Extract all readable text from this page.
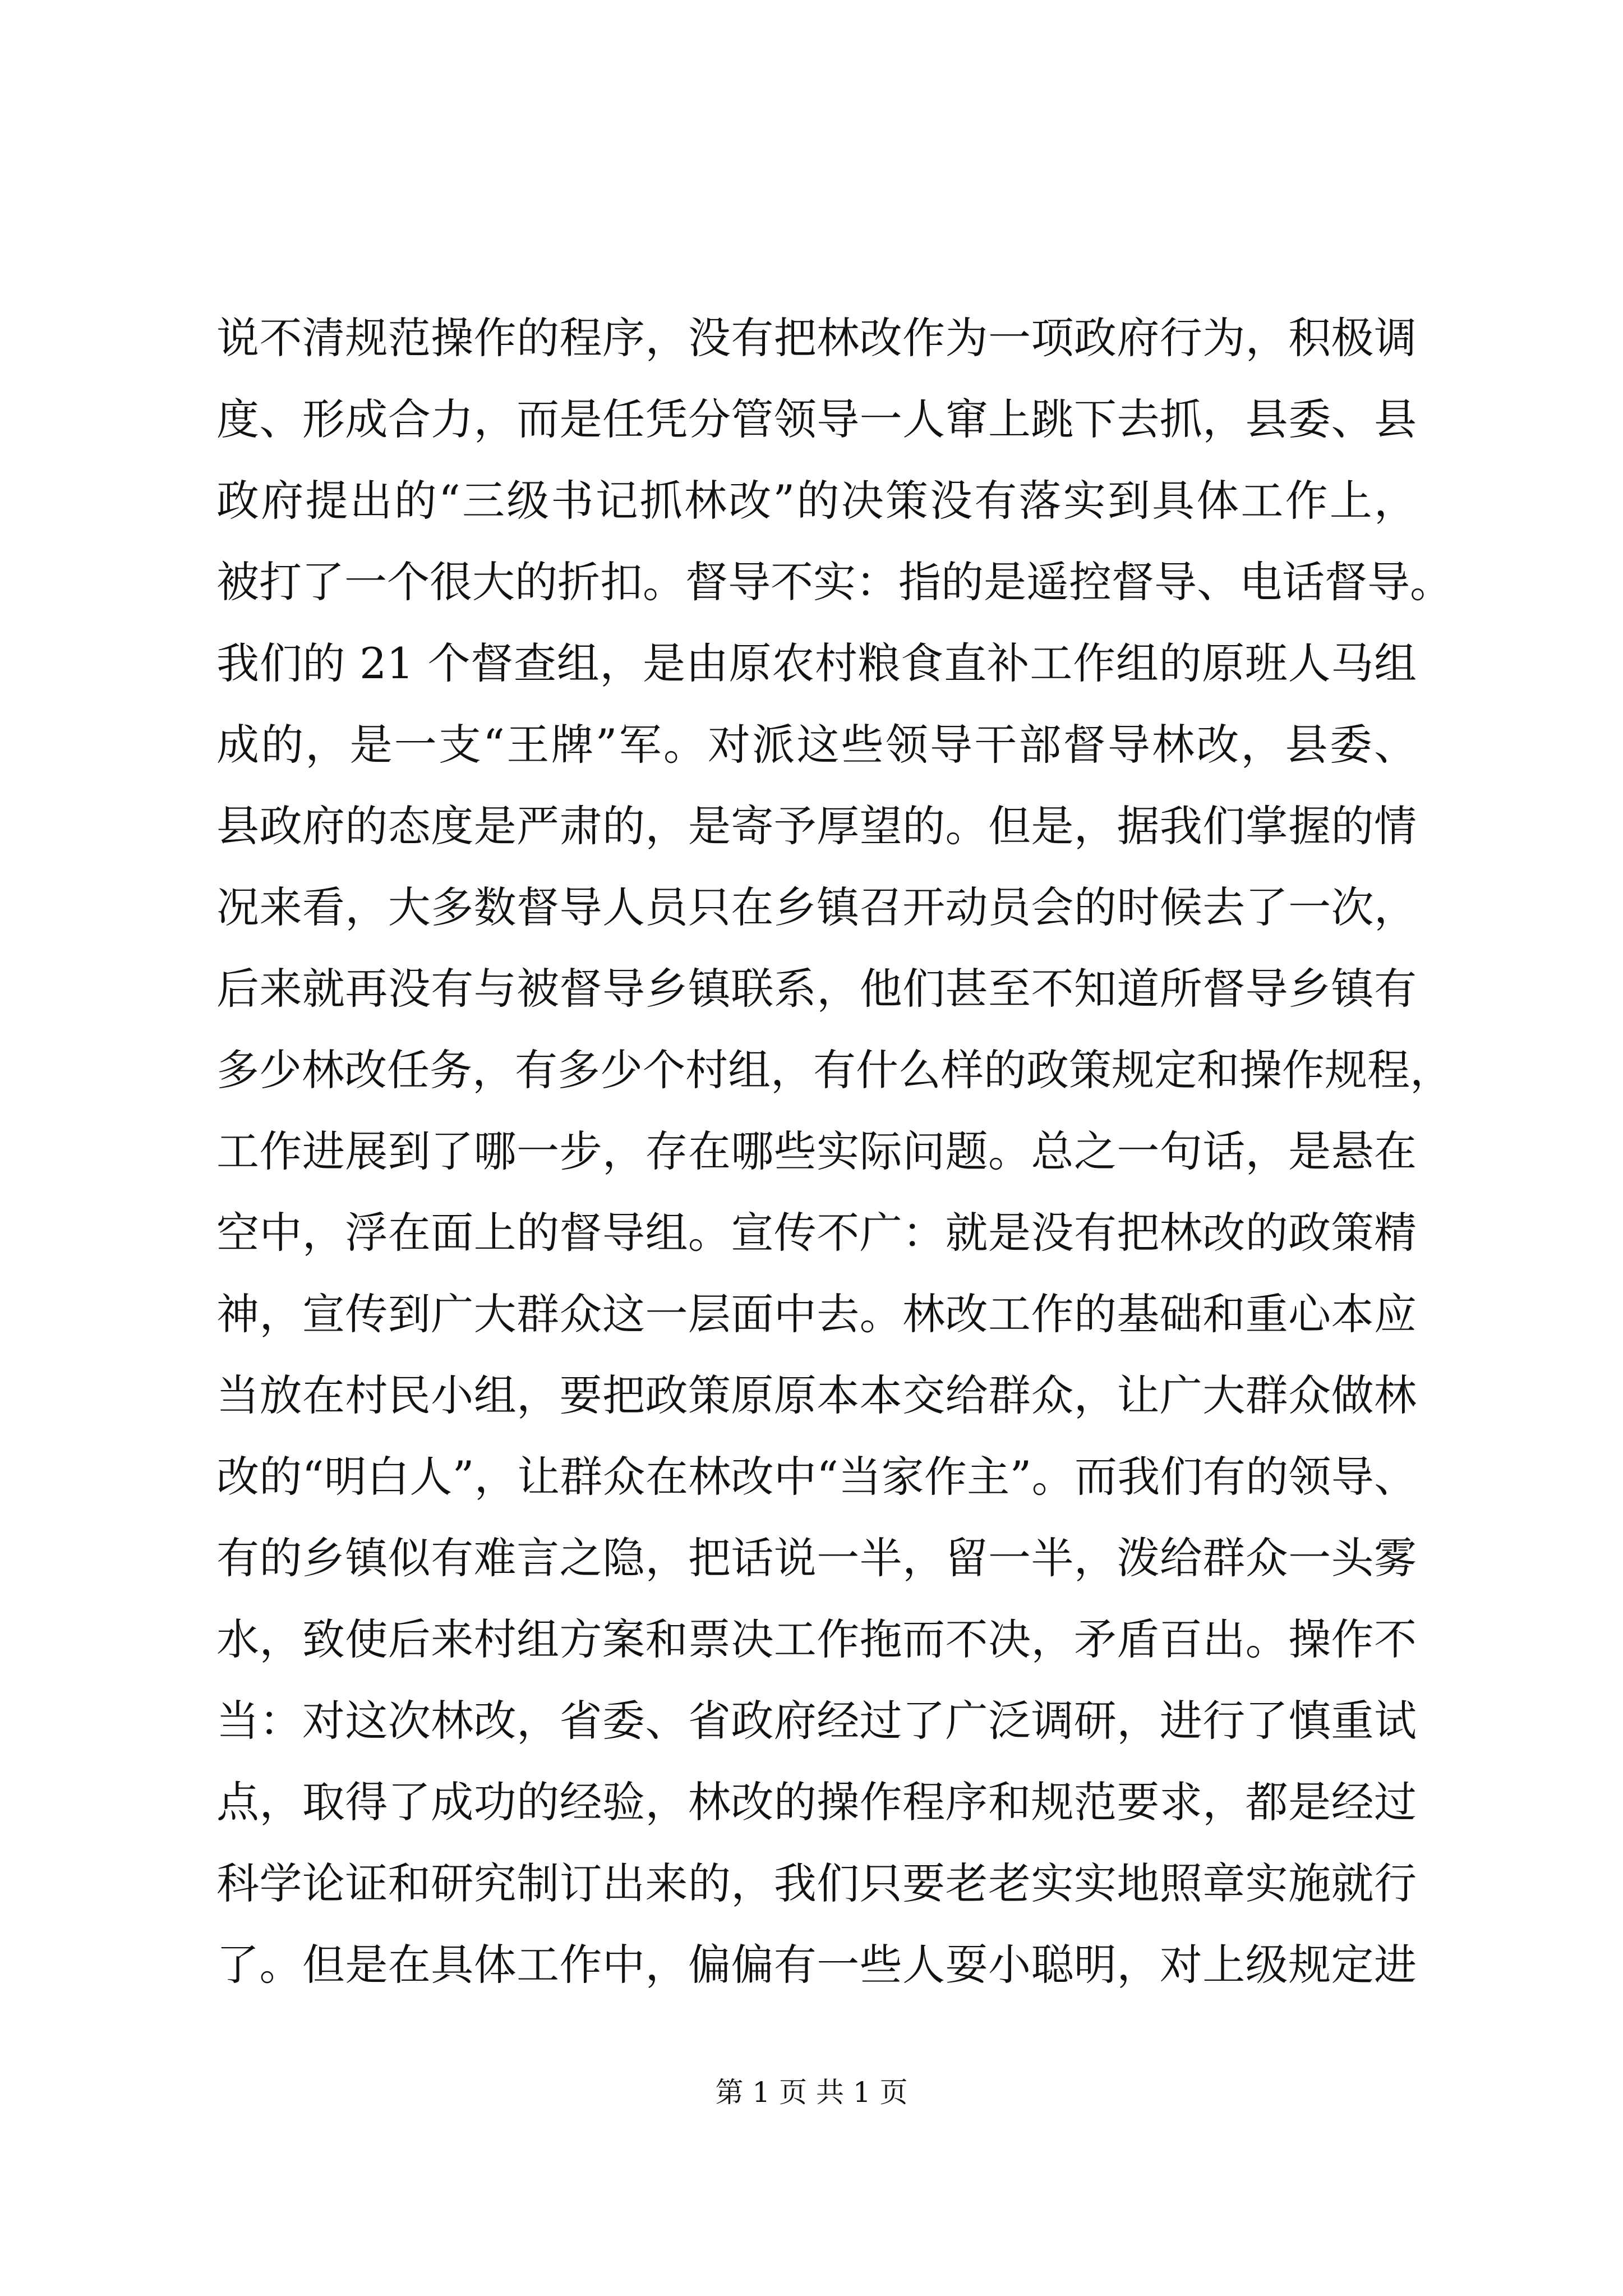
说不清规范操作的程序，没有把林改作为一项政府行为，积极调
度、形成合力，而是任凭分管领导一人窜上跳下去抓，县委、县
政府提出的“三级书记抓林改”的决策没有落实到具体工作上，
被打了一个很大的折扣。督导不实：指的是遥控督导、电话督导。
我们的 21 个督查组，是由原农村粮食直补工作组的原班人马组
成的，是一支“王牌”军。对派这些领导干部督导林改，县委、
县政府的态度是严肃的，是寄予厚望的。但是，据我们掌握的情
况来看，大多数督导人员只在乡镇召开动员会的时候去了一次，
后来就再没有与被督导乡镇联系，他们甚至不知道所督导乡镇有
多少林改任务，有多少个村组，有什么样的政策规定和操作规程，
工作进展到了哪一步，存在哪些实际问题。总之一句话，是悬在
空中，浮在面上的督导组。宣传不广：就是没有把林改的政策精
神，宣传到广大群众这一层面中去。林改工作的基础和重心本应
当放在村民小组，要把政策原原本本交给群众，让广大群众做林
改的“明白人”，让群众在林改中“当家作主”。而我们有的领导、
有的乡镇似有难言之隐，把话说一半，留一半，泼给群众一头雾
水，致使后来村组方案和票决工作拖而不决，矛盾百出。操作不
当：对这次林改，省委、省政府经过了广泛调研，进行了慎重试
点，取得了成功的经验，林改的操作程序和规范要求，都是经过
科学论证和研究制订出来的，我们只要老老实实地照章实施就行
了。但是在具体工作中，偏偏有一些人耍小聪明，对上级规定进
第 1 页 共 1 页
